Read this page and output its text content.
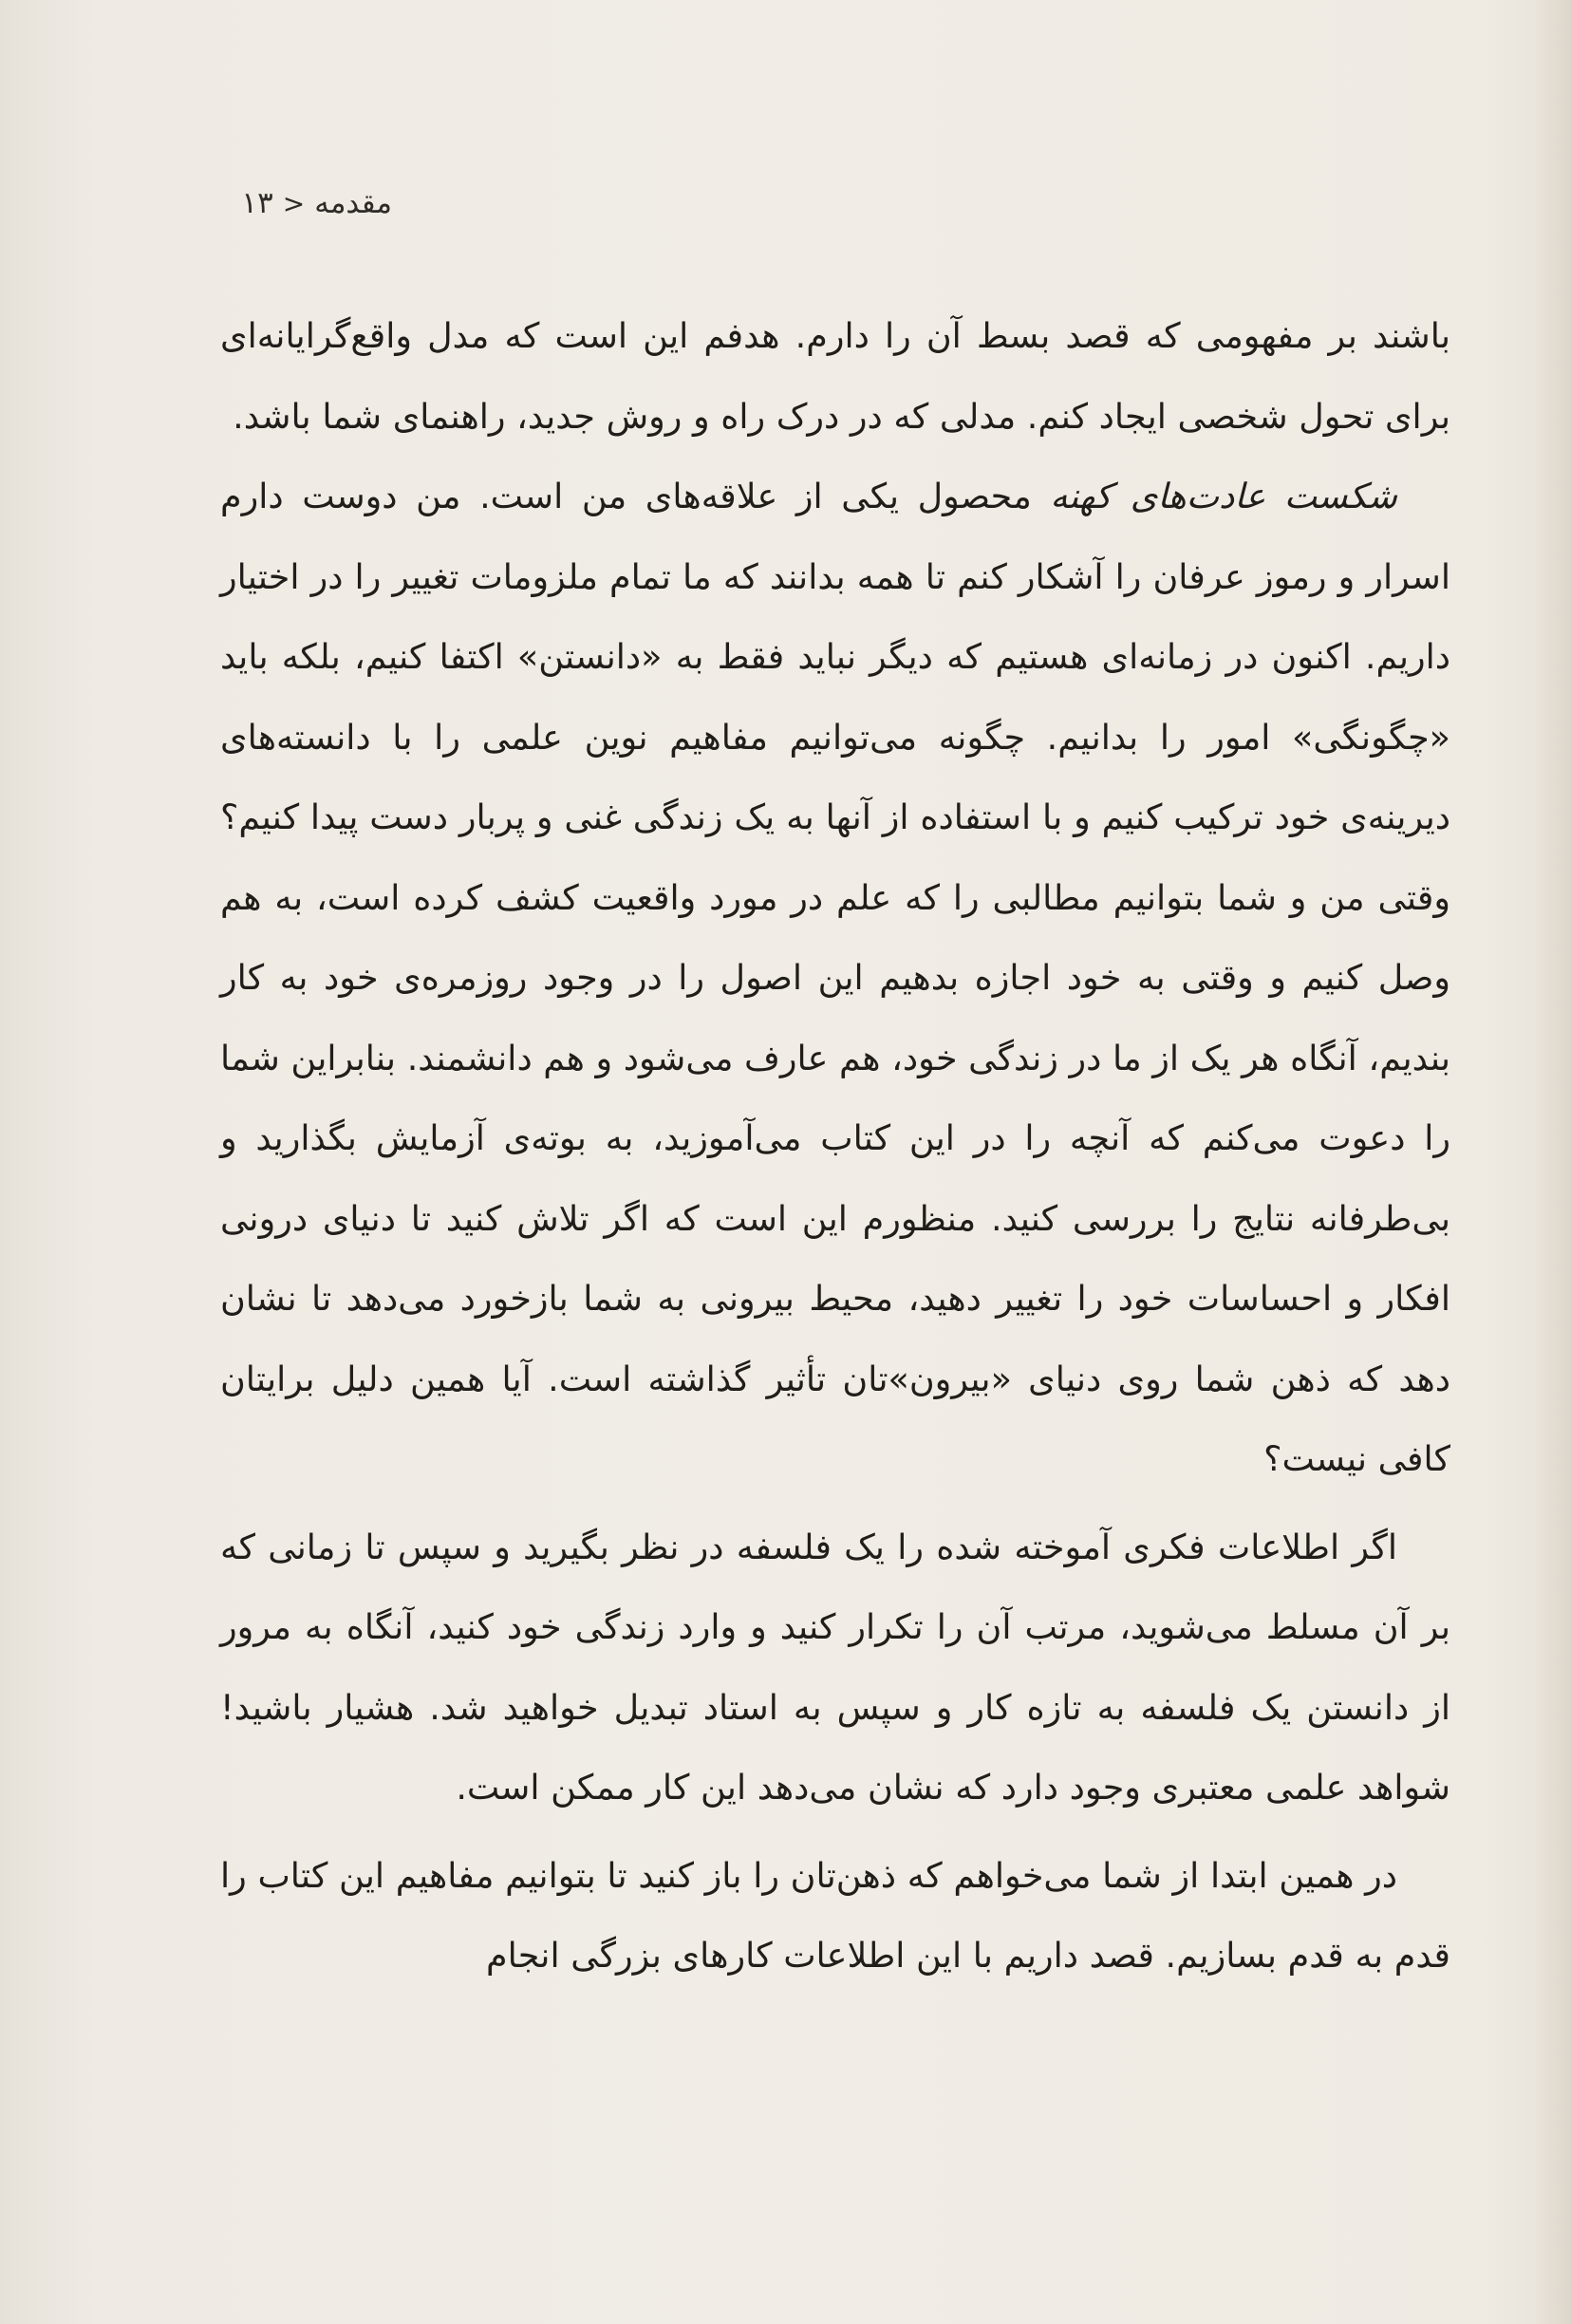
مقدمه<۱۳

باشند بر مفهومی که قصد بسط آن را دارم. هدفم این است که مدل واقع‌گرایانه‌ای برای تحول شخصی ایجاد کنم. مدلی که در درک راه و روش جدید، راهنمای شما باشد.

شکست عادت‌های کهنه محصول یکی از علاقه‌های من است. من دوست دارم اسرار و رموز عرفان را آشکار کنم تا همه بدانند که ما تمام ملزومات تغییر را در اختیار داریم. اکنون در زمانه‌ای هستیم که دیگر نباید فقط به «دانستن» اکتفا کنیم، بلکه باید «چگونگی» امور را بدانیم. چگونه می‌توانیم مفاهیم نوین علمی را با دانسته‌های دیرینه‌ی خود ترکیب کنیم و با استفاده از آنها به یک زندگی غنی و پربار دست پیدا کنیم؟ وقتی من و شما بتوانیم مطالبی را که علم در مورد واقعیت کشف کرده است، به هم وصل کنیم و وقتی به خود اجازه بدهیم این اصول را در وجود روزمره‌ی خود به کار بندیم، آنگاه هر یک از ما در زندگی خود، هم عارف می‌شود و هم دانشمند. بنابراین شما را دعوت می‌کنم که آنچه را در این کتاب می‌آموزید، به بوته‌ی آزمایش بگذارید و بی‌طرفانه نتایج را بررسی کنید. منظورم این است که اگر تلاش کنید تا دنیای درونی افکار و احساسات خود را تغییر دهید، محیط بیرونی به شما بازخورد می‌دهد تا نشان دهد که ذهن شما روی دنیای «بیرون»تان تأثیر گذاشته است. آیا همین دلیل برایتان کافی نیست؟

اگر اطلاعات فکری آموخته شده را یک فلسفه در نظر بگیرید و سپس تا زمانی که بر آن مسلط می‌شوید، مرتب آن را تکرار کنید و وارد زندگی خود کنید، آنگاه به مرور از دانستن یک فلسفه به تازه کار و سپس به استاد تبدیل خواهید شد. هشیار باشید! شواهد علمی معتبری وجود دارد که نشان می‌دهد این کار ممکن است.

در همین ابتدا از شما می‌خواهم که ذهن‌تان را باز کنید تا بتوانیم مفاهیم این کتاب را قدم به قدم بسازیم. قصد داریم با این اطلاعات کارهای بزرگی انجام
